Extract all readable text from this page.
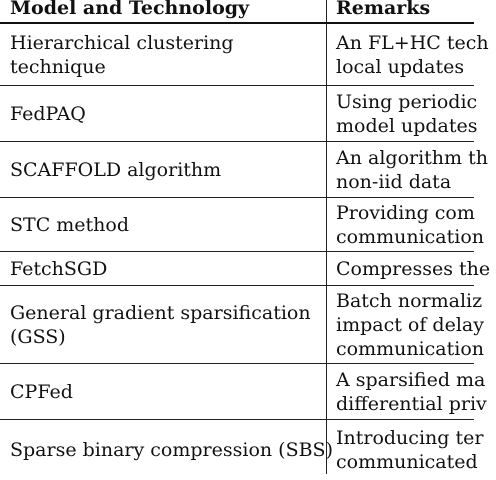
Model and Technology	Remarks
Hierarchical clustering
technique
An FL+HC tech
local updates
FedPAQ
Using periodic
model updates
SCAFFOLD algorithm
An algorithm th
non-iid data
STC method
Providing com
communication
FetchSGD	Compresses the
General gradient sparsification
(GSS)
Batch normaliz
impact of delay
communication
CPFed
A sparsified ma
differential priv
Sparse binary compression (SBS)
Introducing ter
communicated
